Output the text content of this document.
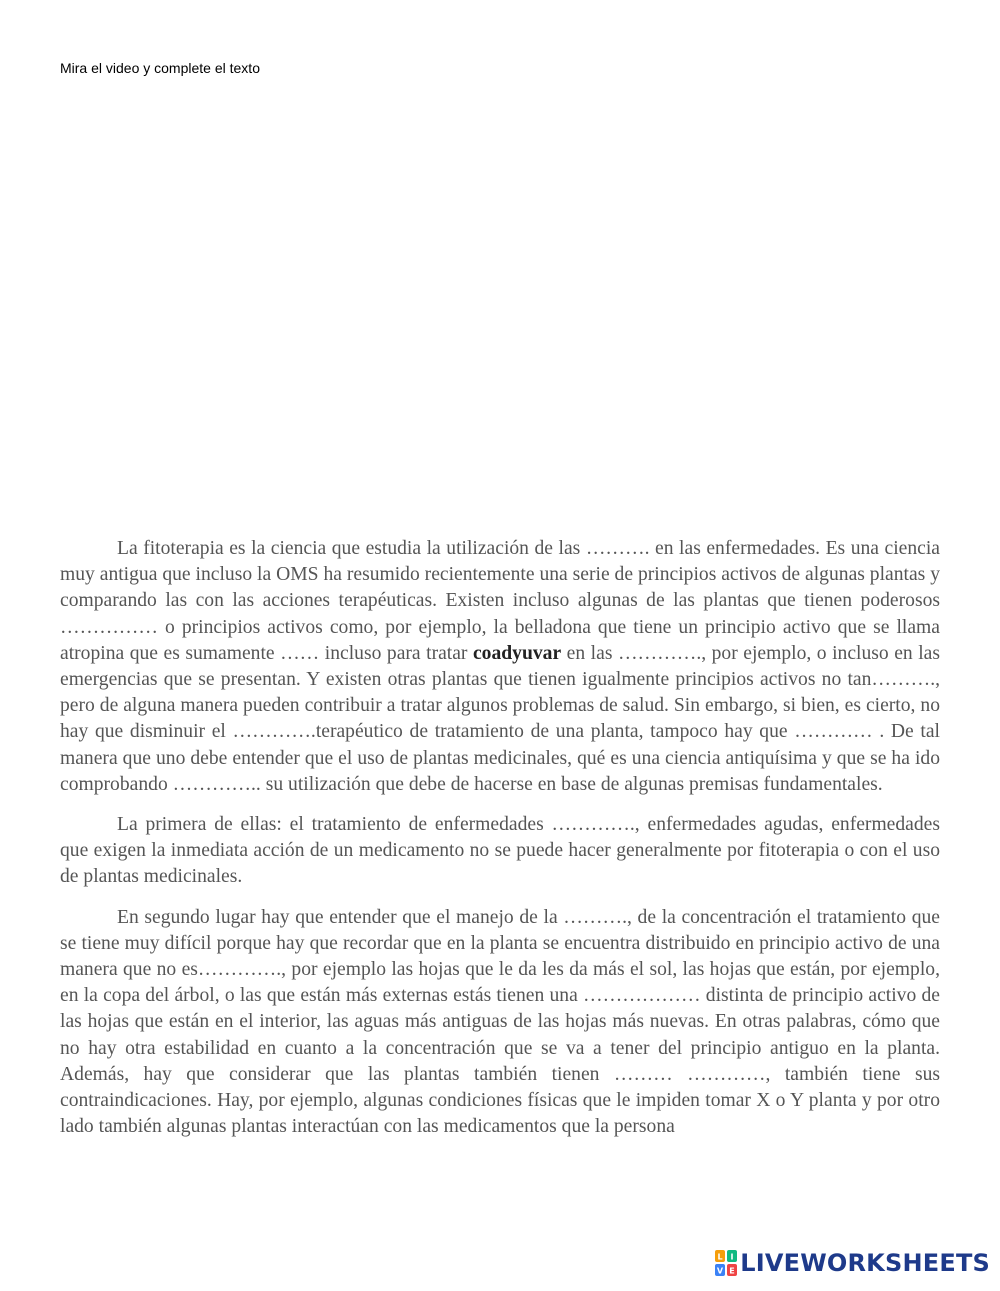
Mira el video y complete el texto

La fitoterapia es la ciencia que estudia la utilización de las ………. en las enfermedades. Es una ciencia muy antigua que incluso la OMS ha resumido recientemente una serie de principios activos de algunas plantas y comparando las con las acciones terapéuticas. Existen incluso algunas de las plantas que tienen poderosos …………… o principios activos como, por ejemplo, la belladona que tiene un principio activo que se llama atropina que es sumamente …… incluso para tratar coadyuvar en las …………., por ejemplo, o incluso en las emergencias que se presentan. Y existen otras plantas que tienen igualmente principios activos no tan………., pero de alguna manera pueden contribuir a tratar algunos problemas de salud. Sin embargo, si bien, es cierto, no hay que disminuir el ………….terapéutico de tratamiento de una planta, tampoco hay que ………… . De tal manera que uno debe entender que el uso de plantas medicinales, qué es una ciencia antiquísima y que se ha ido comprobando ………….. su utilización que debe de hacerse en base de algunas premisas fundamentales.

La primera de ellas: el tratamiento de enfermedades …………., enfermedades agudas, enfermedades que exigen la inmediata acción de un medicamento no se puede hacer generalmente por fitoterapia o con el uso de plantas medicinales.

En segundo lugar hay que entender que el manejo de la ………., de la concentración el tratamiento que se tiene muy difícil porque hay que recordar que en la planta se encuentra distribuido en principio activo de una manera que no es…………., por ejemplo las hojas que le da les da más el sol, las hojas que están, por ejemplo, en la copa del árbol, o las que están más externas estás tienen una ……………… distinta de principio activo de las hojas que están en el interior, las aguas más antiguas de las hojas más nuevas. En otras palabras, cómo que no hay otra estabilidad en cuanto a la concentración que se va a tener del principio antiguo en la planta. Además, hay que considerar que las plantas también tienen ……… …………, también tiene sus contraindicaciones. Hay, por ejemplo, algunas condiciones físicas que le impiden tomar X o Y planta y por otro lado también algunas plantas interactúan con las medicamentos que la persona

L I
V E LIVEWORKSHEETS
